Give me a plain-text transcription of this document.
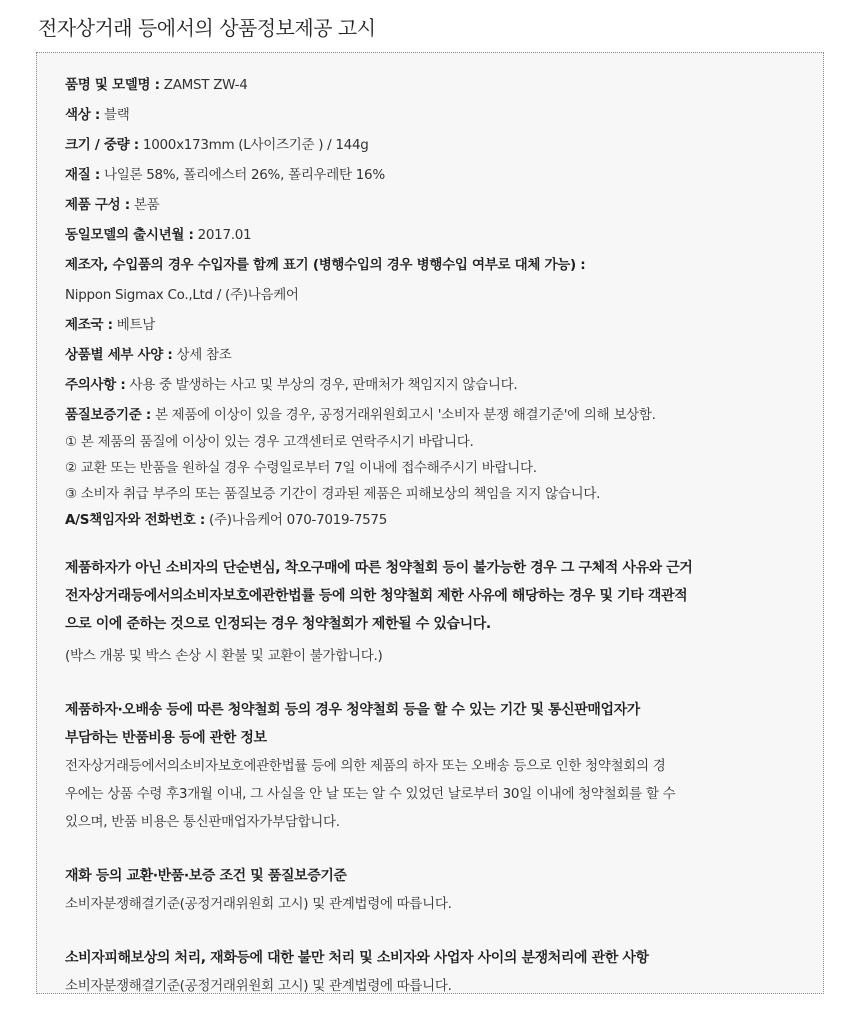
전자상거래 등에서의 상품정보제공 고시
품명 및 모델명 : ZAMST ZW-4
색상 : 블랙
크기 / 중량 : 1000x173mm (L사이즈기준 ) / 144g
재질 : 나일론 58%, 폴리에스터 26%, 폴리우레탄 16%
제품 구성 : 본품
동일모델의 출시년월 : 2017.01
제조자, 수입품의 경우 수입자를 함께 표기 (병행수입의 경우 병행수입 여부로 대체 가능) :
Nippon Sigmax Co.,Ltd / (주)나음케어
제조국 : 베트남
상품별 세부 사양 : 상세 참조
주의사항 : 사용 중 발생하는 사고 및 부상의 경우, 판매처가 책임지지 않습니다.
품질보증기준 : 본 제품에 이상이 있을 경우, 공정거래위원회고시 '소비자 분쟁 해결기준'에 의해 보상함.
① 본 제품의 품질에 이상이 있는 경우 고객센터로 연락주시기 바랍니다.
② 교환 또는 반품을 원하실 경우 수령일로부터 7일 이내에 접수해주시기 바랍니다.
③ 소비자 취급 부주의 또는 품질보증 기간이 경과된 제품은 피해보상의 책임을 지지 않습니다.
A/S책임자와 전화번호 : (주)나음케어 070-7019-7575
제품하자가 아닌 소비자의 단순변심, 착오구매에 따른 청약철회 등이 불가능한 경우 그 구체적 사유와 근거
전자상거래등에서의소비자보호에관한법률 등에 의한 청약철회 제한 사유에 해당하는 경우 및 기타 객관적
으로 이에 준하는 것으로 인정되는 경우 청약철회가 제한될 수 있습니다.
(박스 개봉 및 박스 손상 시 환불 및 교환이 불가합니다.)
제품하자·오배송 등에 따른 청약철회 등의 경우 청약철회 등을 할 수 있는 기간 및 통신판매업자가
부담하는 반품비용 등에 관한 정보
전자상거래등에서의소비자보호에관한법률 등에 의한 제품의 하자 또는 오배송 등으로 인한 청약철회의 경
우에는 상품 수령 후3개월 이내, 그 사실을 안 날 또는 알 수 있었던 날로부터 30일 이내에 청약철회를 할 수
있으며, 반품 비용은 통신판매업자가부담합니다.
재화 등의 교환·반품·보증 조건 및 품질보증기준
소비자분쟁해결기준(공정거래위원회 고시) 및 관계법령에 따릅니다.
소비자피해보상의 처리, 재화등에 대한 불만 처리 및 소비자와 사업자 사이의 분쟁처리에 관한 사항
소비자분쟁해결기준(공정거래위원회 고시) 및 관계법령에 따릅니다.
